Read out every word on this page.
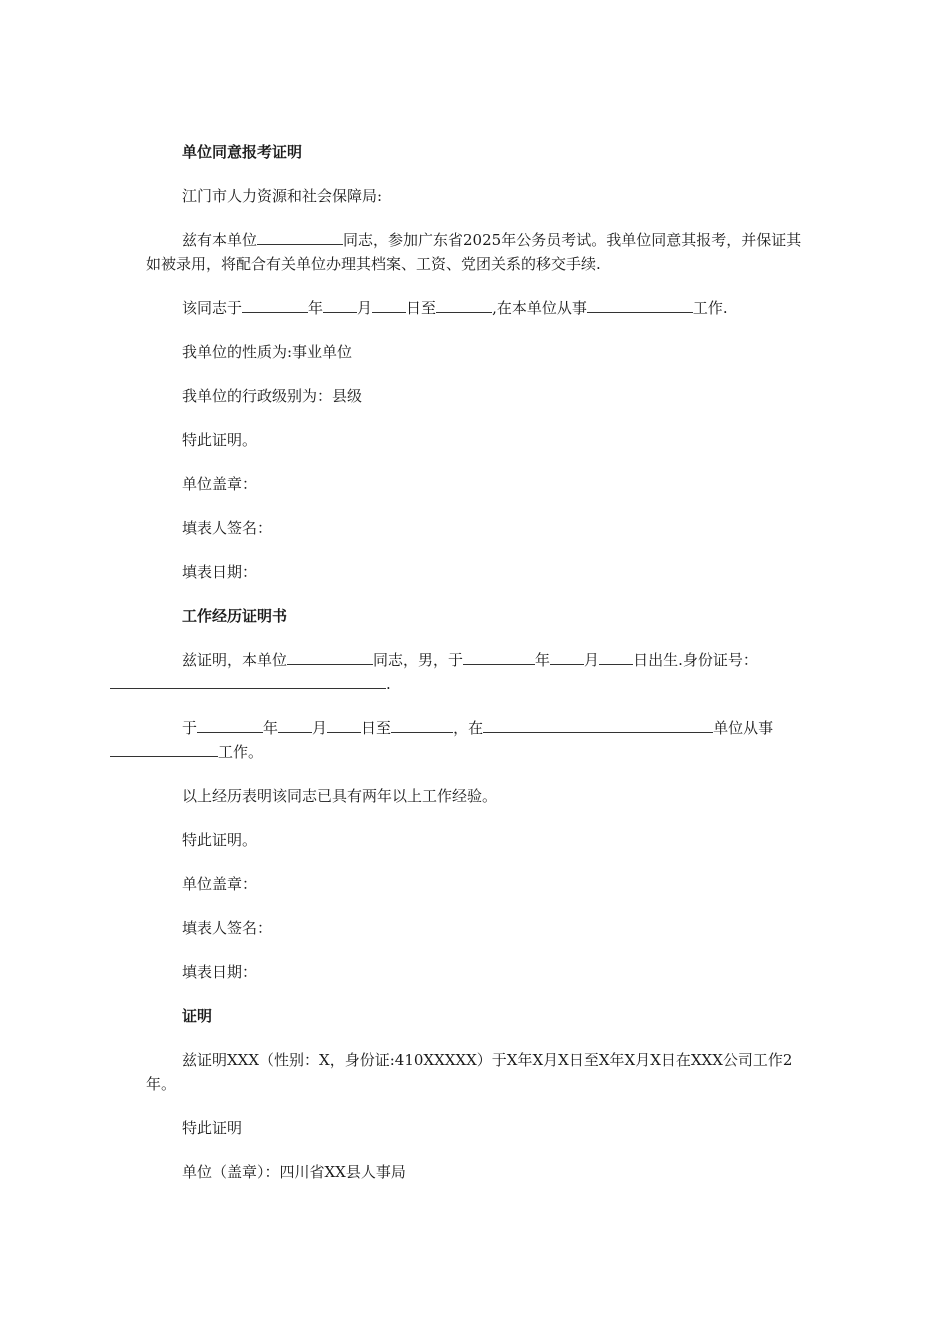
单位同意报考证明

江门市人力资源和社会保障局:

兹有本单位	同志，参加广东省2025年公务员考试。我单位同意其报考，并保证其如被录用，将配合有关单位办理其档案、工资、党团关系的移交手续.

该同志于	年 月 日至	,在本单位从事	工作.

我单位的性质为:事业单位

我单位的行政级别为：县级

特此证明。

单位盖章：

填表人签名：

填表日期：

工作经历证明书

兹证明，本单位	同志，男，于	年 月 日出生.身份证号：
.

于	年 月 日至	，在	单位从事
工作。

以上经历表明该同志已具有两年以上工作经验。

特此证明。

单位盖章：

填表人签名：

填表日期：

证明

兹证明XXX（性别：X，身份证:410XXXXX）于X年X月X日至X年X月X日在XXX公司工作2年。

特此证明

单位（盖章）：四川省XX县人事局
